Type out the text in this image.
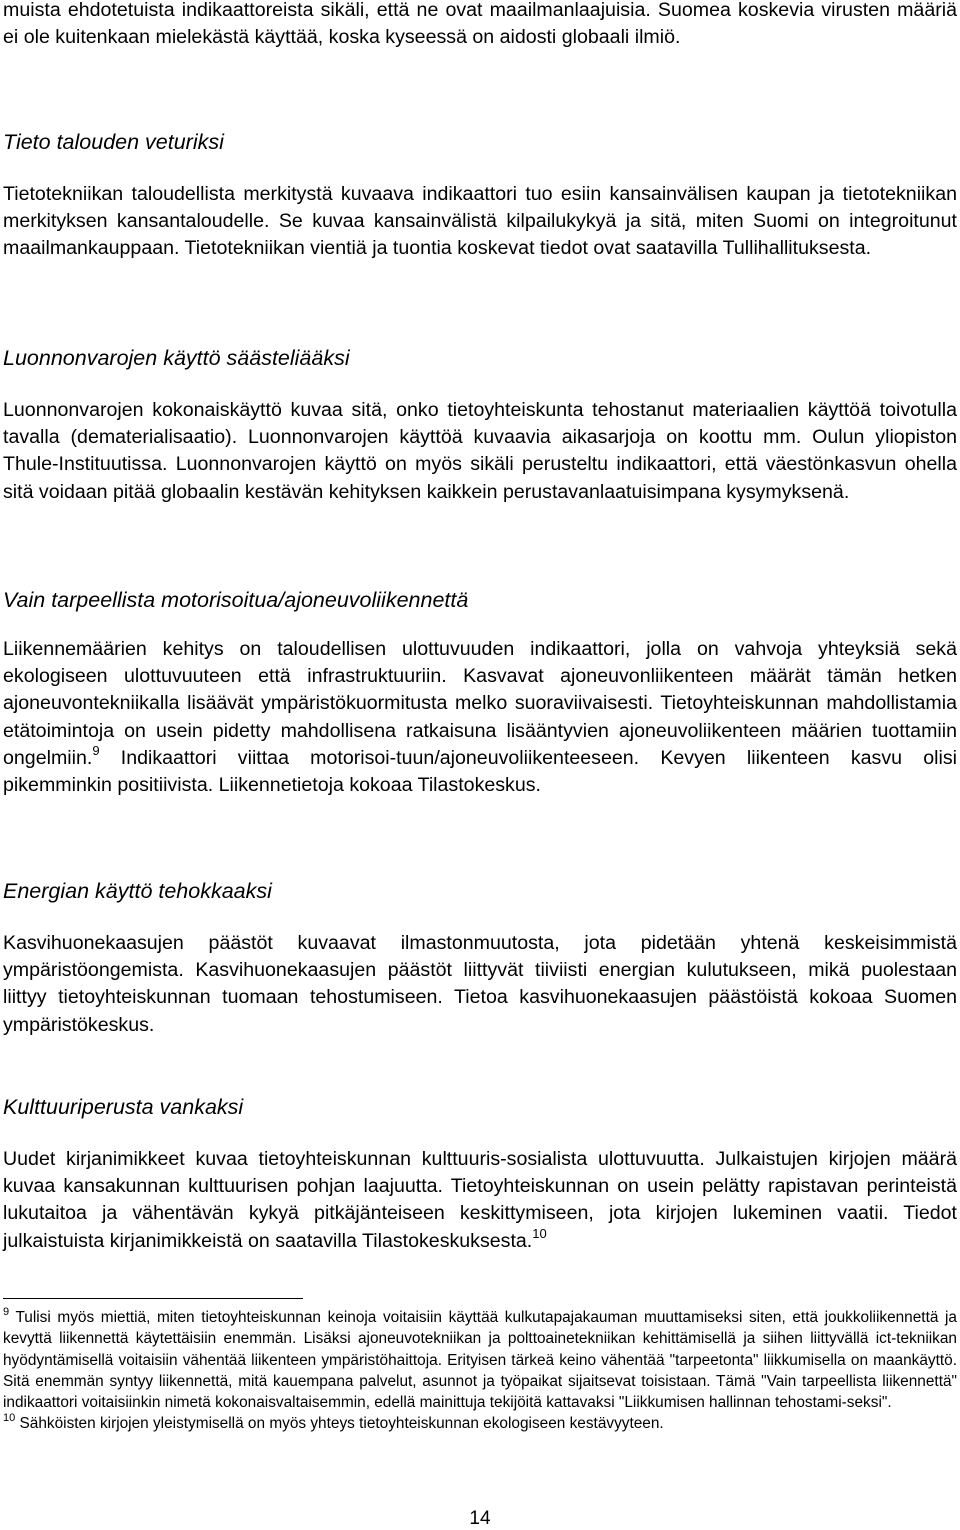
muista ehdotetuista indikaattoreista sikäli, että ne ovat maailmanlaajuisia. Suomea koskevia virusten määriä ei ole kuitenkaan mielekästä käyttää, koska kyseessä on aidosti globaali ilmiö.

Tieto talouden veturiksi

Tietotekniikan taloudellista merkitystä kuvaava indikaattori tuo esiin kansainvälisen kaupan ja tietotekniikan merkityksen kansantaloudelle. Se kuvaa kansainvälistä kilpailukykyä ja sitä, miten Suomi on integroitunut maailmankauppaan. Tietotekniikan vientiä ja tuontia koskevat tiedot ovat saatavilla Tullihallituksesta.

Luonnonvarojen käyttö säästeliääksi

Luonnonvarojen kokonaiskäyttö kuvaa sitä, onko tietoyhteiskunta tehostanut materiaalien käyttöä toivotulla tavalla (dematerialisaatio). Luonnonvarojen käyttöä kuvaavia aikasarjoja on koottu mm. Oulun yliopiston Thule-Instituutissa. Luonnonvarojen käyttö on myös sikäli perusteltu indikaattori, että väestönkasvun ohella sitä voidaan pitää globaalin kestävän kehityksen kaikkein perustavanlaatuisimpana kysymyksenä.

Vain tarpeellista motorisoitua/ajoneuvoliikennettä

Liikennemäärien kehitys on taloudellisen ulottuvuuden indikaattori, jolla on vahvoja yhteyksiä sekä ekologiseen ulottuvuuteen että infrastruktuuriin. Kasvavat ajoneuvonliikenteen määrät tämän hetken ajoneuvontekniikalla lisäävät ympäristökuormitusta melko suoraviivaisesti. Tietoyhteiskunnan mahdollistamia etätoimintoja on usein pidetty mahdollisena ratkaisuna lisääntyvien ajoneuvoliikenteen määrien tuottamiin ongelmiin.$^9$ Indikaattori viittaa motorisoi-tuun/ajoneuvoliikenteeseen. Kevyen liikenteen kasvu olisi pikemminkin positiivista. Liikennetietoja kokoaa Tilastokeskus.

Energian käyttö tehokkaaksi

Kasvihuonekaasujen päästöt kuvaavat ilmastonmuutosta, jota pidetään yhtenä keskeisimmistä ympäristöongemista. Kasvihuonekaasujen päästöt liittyvät tiiviisti energian kulutukseen, mikä puolestaan liittyy tietoyhteiskunnan tuomaan tehostumiseen. Tietoa kasvihuonekaasujen päästöistä kokoaa Suomen ympäristökeskus.

Kulttuuriperusta vankaksi

Uudet kirjanimikkeet kuvaa tietoyhteiskunnan kulttuuris-sosialista ulottuvuutta. Julkaistujen kirjojen määrä kuvaa kansakunnan kulttuurisen pohjan laajuutta. Tietoyhteiskunnan on usein pelätty rapistavan perinteistä lukutaitoa ja vähentävän kykyä pitkäjänteiseen keskittymiseen, jota kirjojen lukeminen vaatii. Tiedot julkaistuista kirjanimikkeistä on saatavilla Tilastokeskuksesta.$^{10}$

$^9$ Tulisi myös miettiä, miten tietoyhteiskunnan keinoja voitaisiin käyttää kulkutapajakauman muuttamiseksi siten, että joukkoliikennettä ja kevyttä liikennettä käytettäisiin enemmän. Lisäksi ajoneuvotekniikan ja polttoainetekniikan kehittämisellä ja siihen liittyvällä ict-tekniikan hyödyntämisellä voitaisiin vähentää liikenteen ympäristöhaittoja. Erityisen tärkeä keino vähentää "tarpeetonta" liikkumisella on maankäyttö. Sitä enemmän syntyy liikennettä, mitä kauempana palvelut, asunnot ja työpaikat sijaitsevat toisistaan. Tämä "Vain tarpeellista liikennettä" indikaattori voitaisiinkin nimetä kokonaisvaltaisemmin, edellä mainittuja tekijöitä kattavaksi "Liikkumisen hallinnan tehostami-seksi".

$^{10}$ Sähköisten kirjojen yleistymisellä on myös yhteys tietoyhteiskunnan ekologiseen kestävyyteen.

14
